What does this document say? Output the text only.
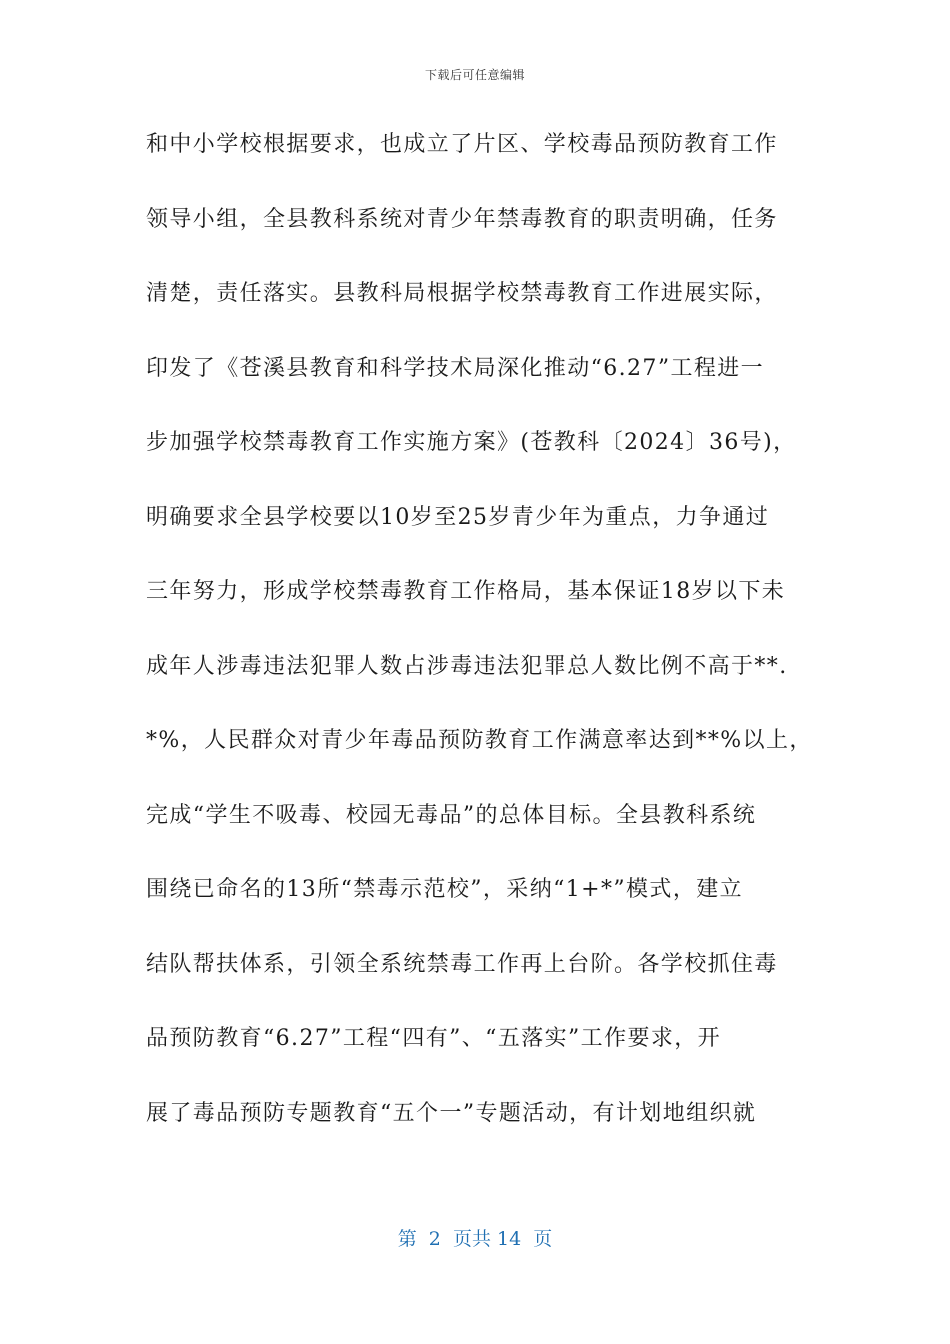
下载后可任意编辑
和中小学校根据要求，也成立了片区、学校毒品预防教育工作
领导小组，全县教科系统对青少年禁毒教育的职责明确，任务
清楚，责任落实。县教科局根据学校禁毒教育工作进展实际，
印发了《苍溪县教育和科学技术局深化推动“6.27”工程进一
步加强学校禁毒教育工作实施方案》(苍教科〔2024〕36号)，
明确要求全县学校要以10岁至25岁青少年为重点，力争通过
三年努力，形成学校禁毒教育工作格局，基本保证18岁以下未
成年人涉毒违法犯罪人数占涉毒违法犯罪总人数比例不高于**.
*%，人民群众对青少年毒品预防教育工作满意率达到**%以上，
完成“学生不吸毒、校园无毒品”的总体目标。全县教科系统
围绕已命名的13所“禁毒示范校”，采纳“1+*”模式，建立
结队帮扶体系，引领全系统禁毒工作再上台阶。各学校抓住毒
品预防教育“6.27”工程“四有”、“五落实”工作要求，开
展了毒品预防专题教育“五个一”专题活动，有计划地组织就
第  2  页共 14  页
